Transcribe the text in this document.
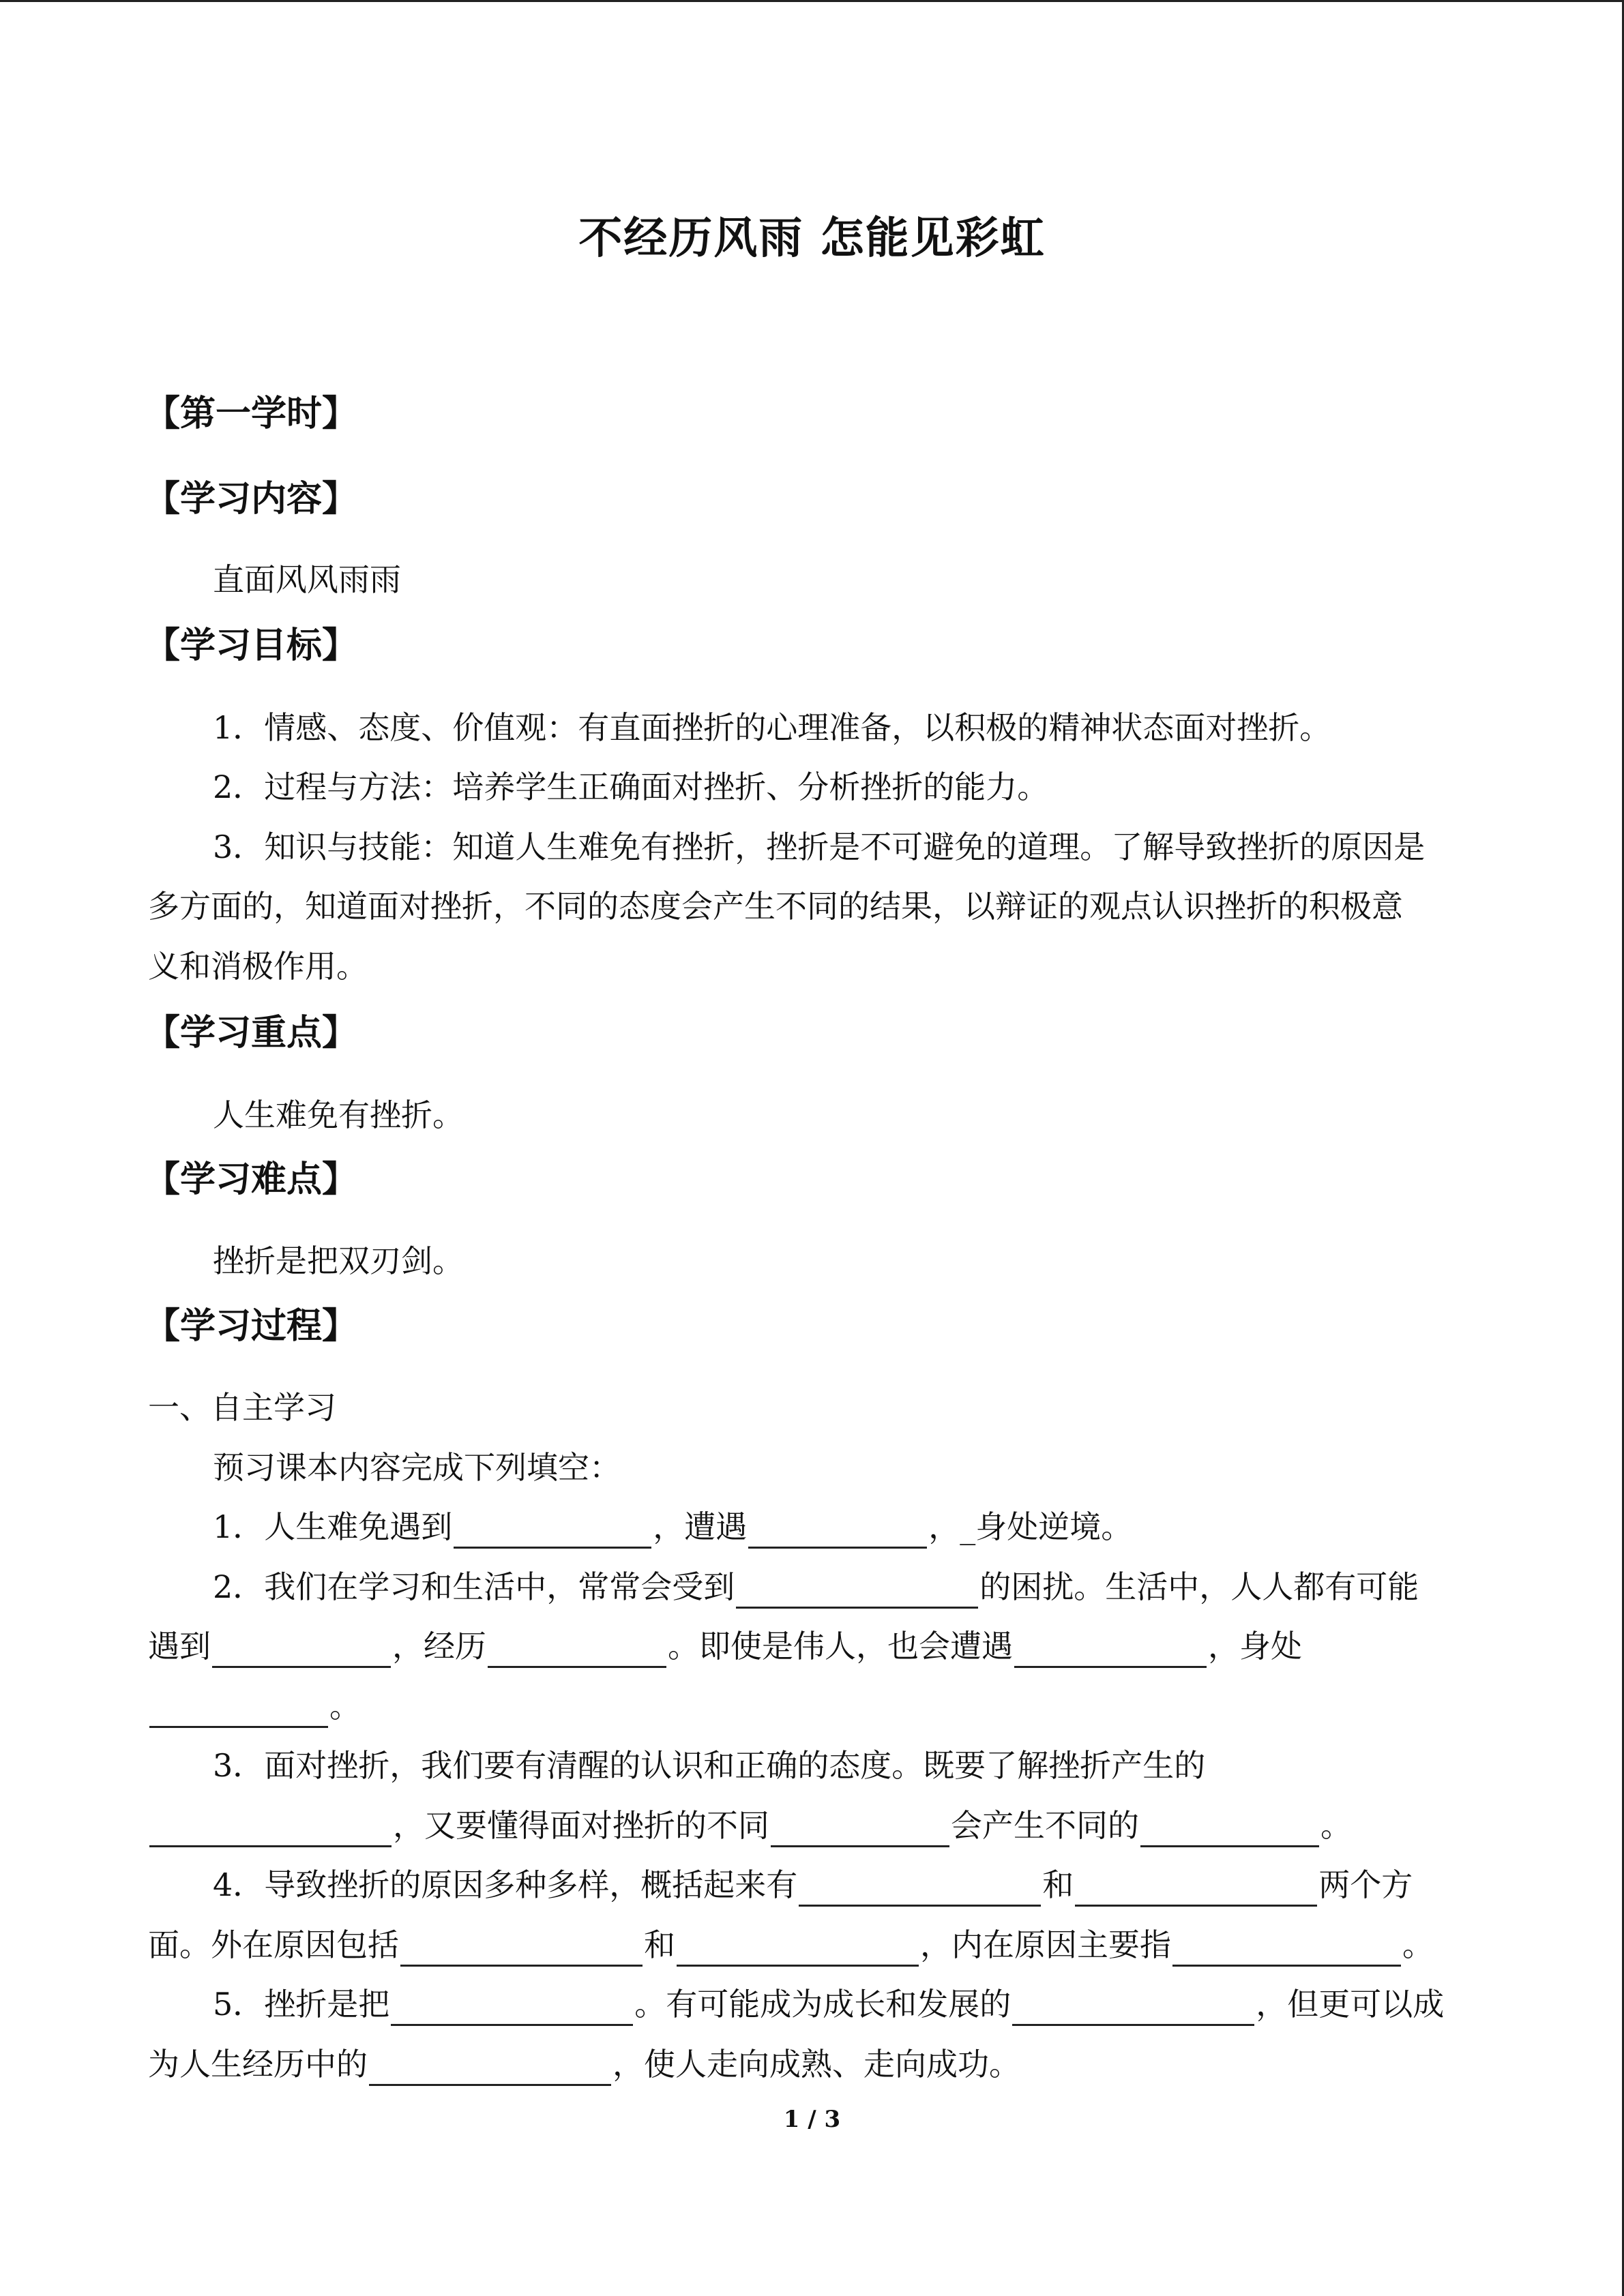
不经历风雨 怎能见彩虹
【第一学时】
【学习内容】
直面风风雨雨
【学习目标】
1．情感、态度、价值观：有直面挫折的心理准备，以积极的精神状态面对挫折。
2．过程与方法：培养学生正确面对挫折、分析挫折的能力。
3．知识与技能：知道人生难免有挫折，挫折是不可避免的道理。了解导致挫折的原因是
多方面的，知道面对挫折，不同的态度会产生不同的结果，以辩证的观点认识挫折的积极意
义和消极作用。
【学习重点】
人生难免有挫折。
【学习难点】
挫折是把双刃剑。
【学习过程】
一、自主学习
预习课本内容完成下列填空：
1．人生难免遇到	，遭遇	，_身处逆境。
2．我们在学习和生活中，常常会受到	的困扰。生活中，人人都有可能
遇到	，经历	。即使是伟人，也会遭遇	，身处
。
3．面对挫折，我们要有清醒的认识和正确的态度。既要了解挫折产生的
，又要懂得面对挫折的不同	会产生不同的	。
4．导致挫折的原因多种多样，概括起来有	和	两个方
面。外在原因包括	和	，内在原因主要指	。
5．挫折是把	。有可能成为成长和发展的	，但更可以成
为人生经历中的	，使人走向成熟、走向成功。
1 / 3
